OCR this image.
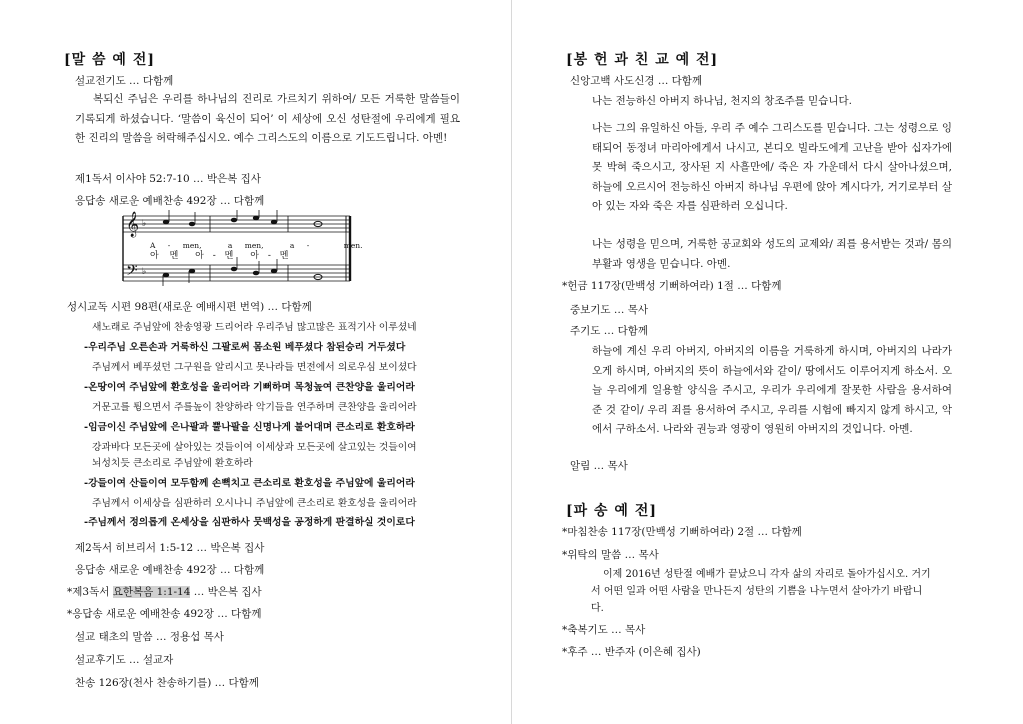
[말 씀 예 전]
설교전기도 … 다함께
복되신 주님은 우리를 하나님의 진리로 가르치기 위하여/ 모든 거룩한 말씀들이 기록되게 하셨습니다. ‘말씀이 육신이 되어’ 이 세상에 오신 성탄절에 우리에게 필요한 진리의 말씀을 허락해주십시오. 예수 그리스도의 이름으로 기도드립니다. 아멘!
제1독서 이사야 52:7-10 … 박은복 집사
응답송 새로운 예배찬송 492장 … 다함께
𝄞
𝄢
♭
♭
A - men,	a men,	a -	men.
아 멘 아 - 멘 아 - 멘
성시교독 시편 98편(새로운 예배시편 번역) … 다함께
새노래로 주님앞에 찬송영광 드리어라 우리주님 많고많은 표적기사 이루셨네
-우리주님 오른손과 거룩하신 그팔로써 몸소원 베푸셨다 참된승리 거두셨다
주님께서 베푸셨던 그구원을 알리시고 못나라들 면전에서 의로우심 보이셨다
-온땅이여 주님앞에 환호성을 울리어라 기뻐하며 목청높여 큰찬양을 울리어라
거문고를 튕으면서 주를높이 찬양하라 악기들을 연주하며 큰찬양을 울리어라
-임금이신 주님앞에 은나팔과 뿔나팔을 신명나게 불어대며 큰소리로 환호하라
강과바다 모든곳에 살아있는 것들이여 이세상과 모든곳에 살고있는 것들이여
뇌성치듯 큰소리로 주님앞에 환호하라
-강들이여 산들이여 모두함께 손뼉치고 큰소리로 환호성을 주님앞에 울리어라
주님께서 이세상을 심판하러 오시나니 주님앞에 큰소리로 환호성을 울리어라
-주님께서 정의롭게 온세상을 심판하사 뭇백성을 공정하게 판결하실 것이로다
제2독서 히브리서 1:5-12 … 박은복 집사
응답송 새로운 예배찬송 492장 … 다함께
*제3독서 요한복음 1:1-14 … 박은복 집사
*응답송 새로운 예배찬송 492장 … 다함께
설교 태초의 말씀 … 정용섭 목사
설교후기도 … 설교자
찬송 126장(천사 찬송하기를) … 다함께
[봉 헌 과 친 교 예 전]
신앙고백 사도신경 … 다함께
나는 전능하신 아버지 하나님, 천지의 창조주를 믿습니다.
나는 그의 유일하신 아들, 우리 주 예수 그리스도를 믿습니다. 그는 성령으로 잉태되어 동정녀 마리아에게서 나시고, 본디오 빌라도에게 고난을 받아 십자가에 못 박혀 죽으시고, 장사된 지 사흘만에/ 죽은 자 가운데서 다시 살아나셨으며, 하늘에 오르시어 전능하신 아버지 하나님 우편에 앉아 계시다가, 거기로부터 살아 있는 자와 죽은 자를 심판하러 오십니다.
나는 성령을 믿으며, 거룩한 공교회와 성도의 교제와/ 죄를 용서받는 것과/ 몸의 부활과 영생을 믿습니다. 아멘.
*헌금 117장(만백성 기뻐하여라) 1절 … 다함께
중보기도 … 목사
주기도 … 다함께
하늘에 계신 우리 아버지, 아버지의 이름을 거룩하게 하시며, 아버지의 나라가 오게 하시며, 아버지의 뜻이 하늘에서와 같이/ 땅에서도 이루어지게 하소서. 오늘 우리에게 일용할 양식을 주시고, 우리가 우리에게 잘못한 사람을 용서하여 준 것 같이/ 우리 죄를 용서하여 주시고, 우리를 시험에 빠지지 않게 하시고, 악에서 구하소서. 나라와 권능과 영광이 영원히 아버지의 것입니다. 아멘.
알림 … 목사
[파 송 예 전]
*마침찬송 117장(만백성 기뻐하여라) 2절 … 다함께
*위탁의 말씀 … 목사
이제 2016년 성탄절 예배가 끝났으니 각자 삶의 자리로 돌아가십시오. 거기서 어떤 일과 어떤 사람을 만나든지 성탄의 기쁨을 나누면서 살아가기 바랍니다.
*축복기도 … 목사
*후주 … 반주자 (이은혜 집사)
